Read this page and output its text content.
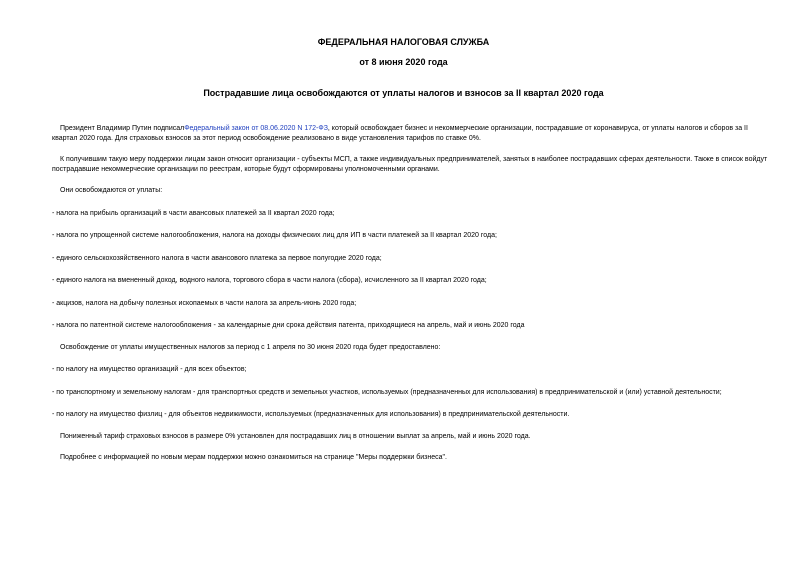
ФЕДЕРАЛЬНАЯ НАЛОГОВАЯ СЛУЖБА
от 8 июня 2020 года
Пострадавшие лица освобождаются от уплаты налогов и взносов за II квартал 2020 года

Президент Владимир Путин подписалФедеральный закон от 08.06.2020 N 172-ФЗ, который освобождает бизнес и некоммерческие организации, пострадавшие от коронавируса, от уплаты налогов и сборов за II квартал 2020 года. Для страховых взносов за этот период освобождение реализовано в виде установления тарифов по ставке 0%.

К получившим такую меру поддержки лицам закон относит организации - субъекты МСП, а также индивидуальных предпринимателей, занятых в наиболее пострадавших сферах деятельности. Также в список войдут пострадавшие некоммерческие организации по реестрам, которые будут сформированы уполномоченными органами.

Они освобождаются от уплаты:

- налога на прибыль организаций в части авансовых платежей за II квартал 2020 года;

- налога по упрощенной системе налогообложения, налога на доходы физических лиц для ИП в части платежей за II квартал 2020 года;

- единого сельскохозяйственного налога в части авансового платежа за первое полугодие 2020 года;

- единого налога на вмененный доход, водного налога, торгового сбора в части налога (сбора), исчисленного за II квартал 2020 года;

- акцизов, налога на добычу полезных ископаемых в части налога за апрель-июнь 2020 года;

- налога по патентной системе налогообложения - за календарные дни срока действия патента, приходящиеся на апрель, май и июнь 2020 года

Освобождение от уплаты имущественных налогов за период с 1 апреля по 30 июня 2020 года будет предоставлено:

- по налогу на имущество организаций - для всех объектов;

- по транспортному и земельному налогам - для транспортных средств и земельных участков, используемых (предназначенных для использования) в предпринимательской и (или) уставной деятельности;

- по налогу на имущество физлиц - для объектов недвижимости, используемых (предназначенных для использования) в предпринимательской деятельности.

Пониженный тариф страховых взносов в размере 0% установлен для пострадавших лиц в отношении выплат за апрель, май и июнь 2020 года.

Подробнее с информацией по новым мерам поддержки можно ознакомиться на странице "Меры поддержки бизнеса".
